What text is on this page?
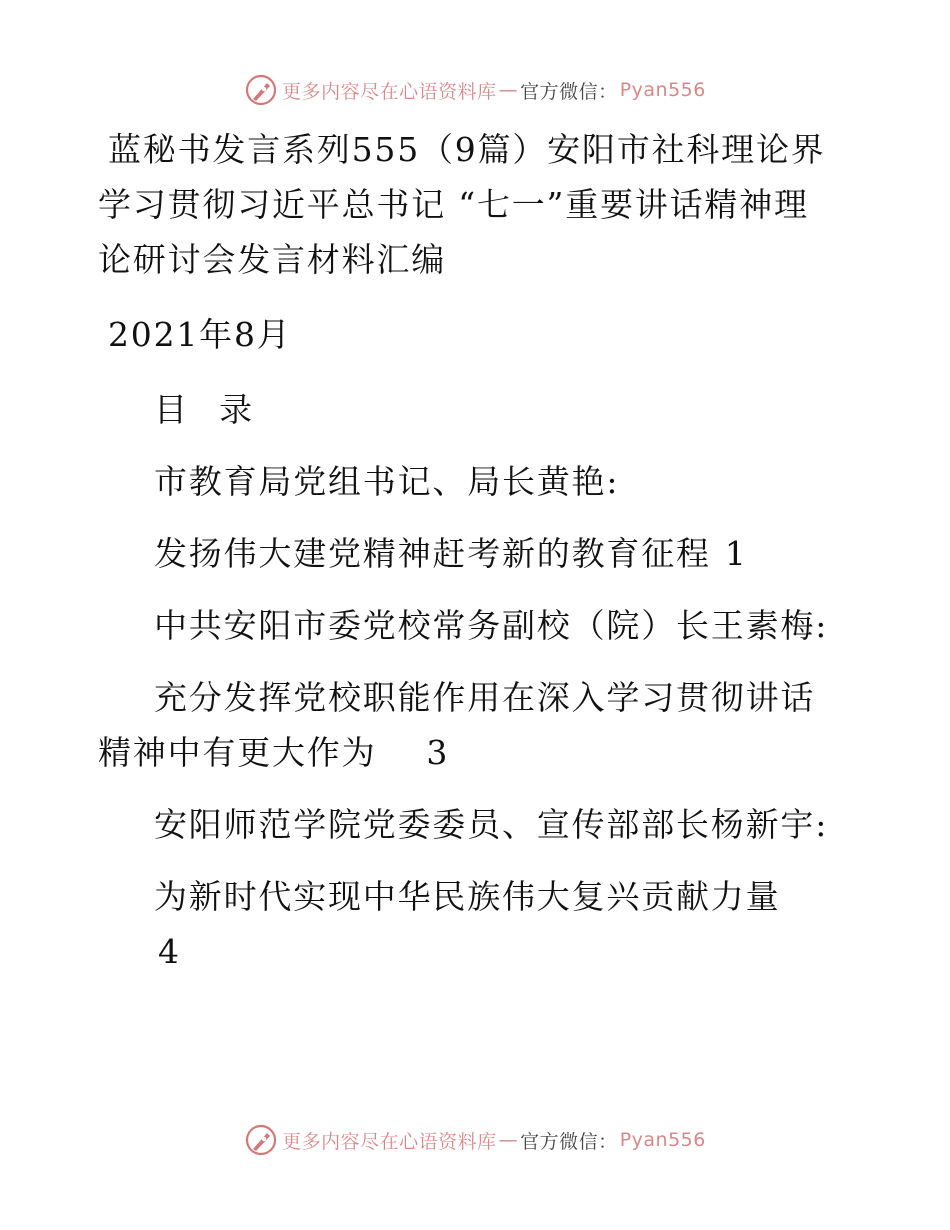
更多内容尽在心语资料库 — 官方微信： Pyan556
蓝秘书发言系列555（9篇）安阳市社科理论界学习贯彻习近平总书记 “七一”重要讲话精神理论研讨会发言材料汇编

2021年8月

目 录

市教育局党组书记、局长黄艳:

发扬伟大建党精神赶考新的教育征程 1

中共安阳市委党校常务副校（院）长王素梅:

充分发挥党校职能作用在深入学习贯彻讲话精神中有更大作为 3

安阳师范学院党委委员、宣传部部长杨新宇:

为新时代实现中华民族伟大复兴贡献力量4

更多内容尽在心语资料库 — 官方微信： Pyan556
